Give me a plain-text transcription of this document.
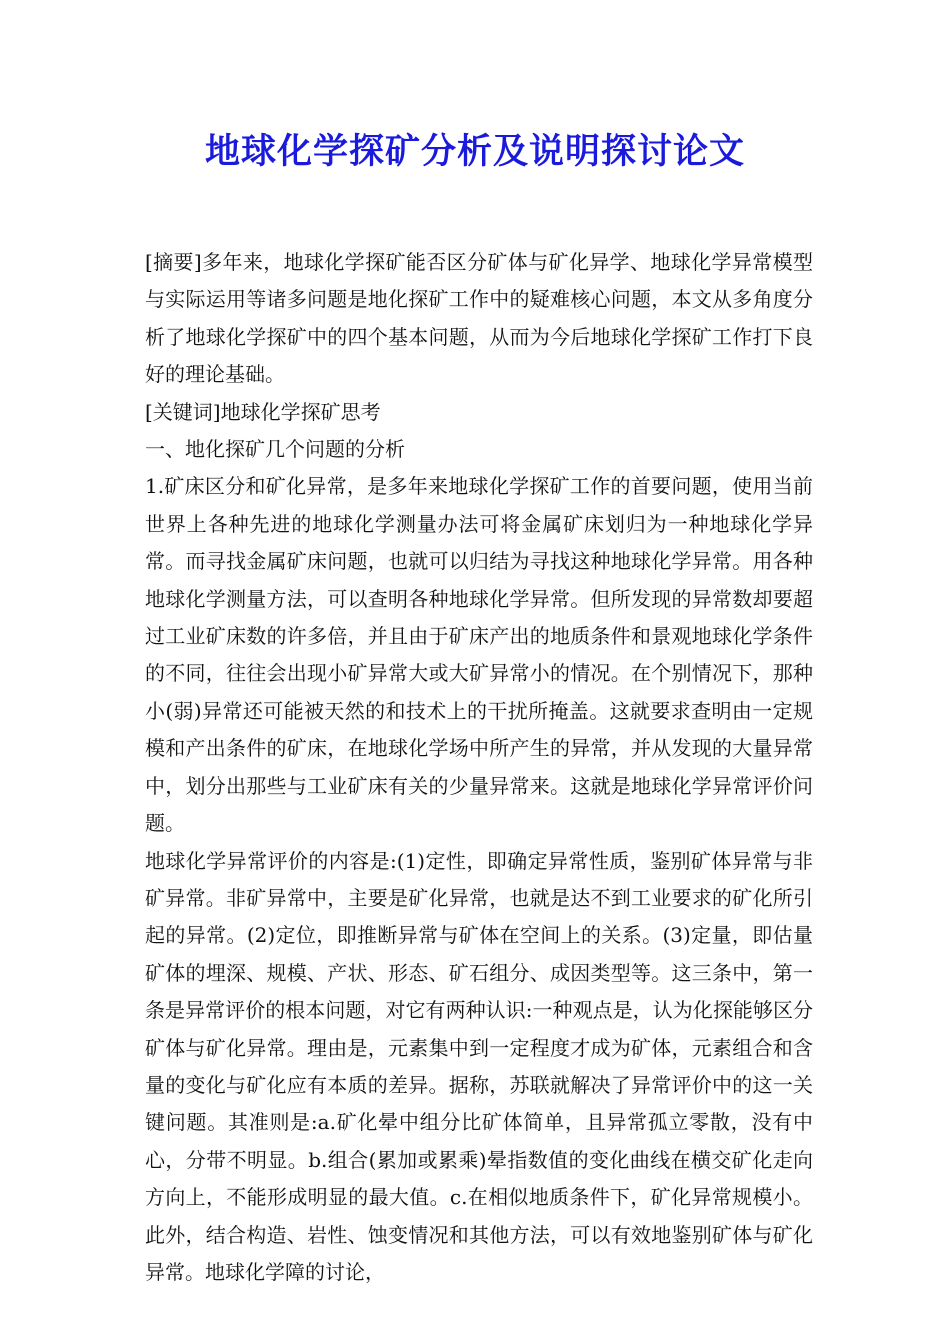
地球化学探矿分析及说明探讨论文

[摘要]多年来，地球化学探矿能否区分矿体与矿化异学、地球化学异常模型与实际运用等诸多问题是地化探矿工作中的疑难核心问题，本文从多角度分析了地球化学探矿中的四个基本问题，从而为今后地球化学探矿工作打下良好的理论基础。

[关键词]地球化学探矿思考

一、地化探矿几个问题的分析

1.矿床区分和矿化异常，是多年来地球化学探矿工作的首要问题，使用当前世界上各种先进的地球化学测量办法可将金属矿床划归为一种地球化学异常。而寻找金属矿床问题，也就可以归结为寻找这种地球化学异常。用各种地球化学测量方法，可以查明各种地球化学异常。但所发现的异常数却要超过工业矿床数的许多倍，并且由于矿床产出的地质条件和景观地球化学条件的不同，往往会出现小矿异常大或大矿异常小的情况。在个别情况下，那种小(弱)异常还可能被天然的和技术上的干扰所掩盖。这就要求查明由一定规模和产出条件的矿床，在地球化学场中所产生的异常，并从发现的大量异常中，划分出那些与工业矿床有关的少量异常来。这就是地球化学异常评价问题。

地球化学异常评价的内容是:(1)定性，即确定异常性质，鉴别矿体异常与非矿异常。非矿异常中，主要是矿化异常，也就是达不到工业要求的矿化所引起的异常。(2)定位，即推断异常与矿体在空间上的关系。(3)定量，即估量矿体的埋深、规模、产状、形态、矿石组分、成因类型等。这三条中，第一条是异常评价的根本问题，对它有两种认识:一种观点是，认为化探能够区分矿体与矿化异常。理由是，元素集中到一定程度才成为矿体，元素组合和含量的变化与矿化应有本质的差异。据称，苏联就解决了异常评价中的这一关键问题。其准则是:a.矿化晕中组分比矿体简单，且异常孤立零散，没有中心，分带不明显。b.组合(累加或累乘)晕指数值的变化曲线在横交矿化走向方向上，不能形成明显的最大值。c.在相似地质条件下，矿化异常规模小。此外，结合构造、岩性、蚀变情况和其他方法，可以有效地鉴别矿体与矿化异常。地球化学障的讨论，
